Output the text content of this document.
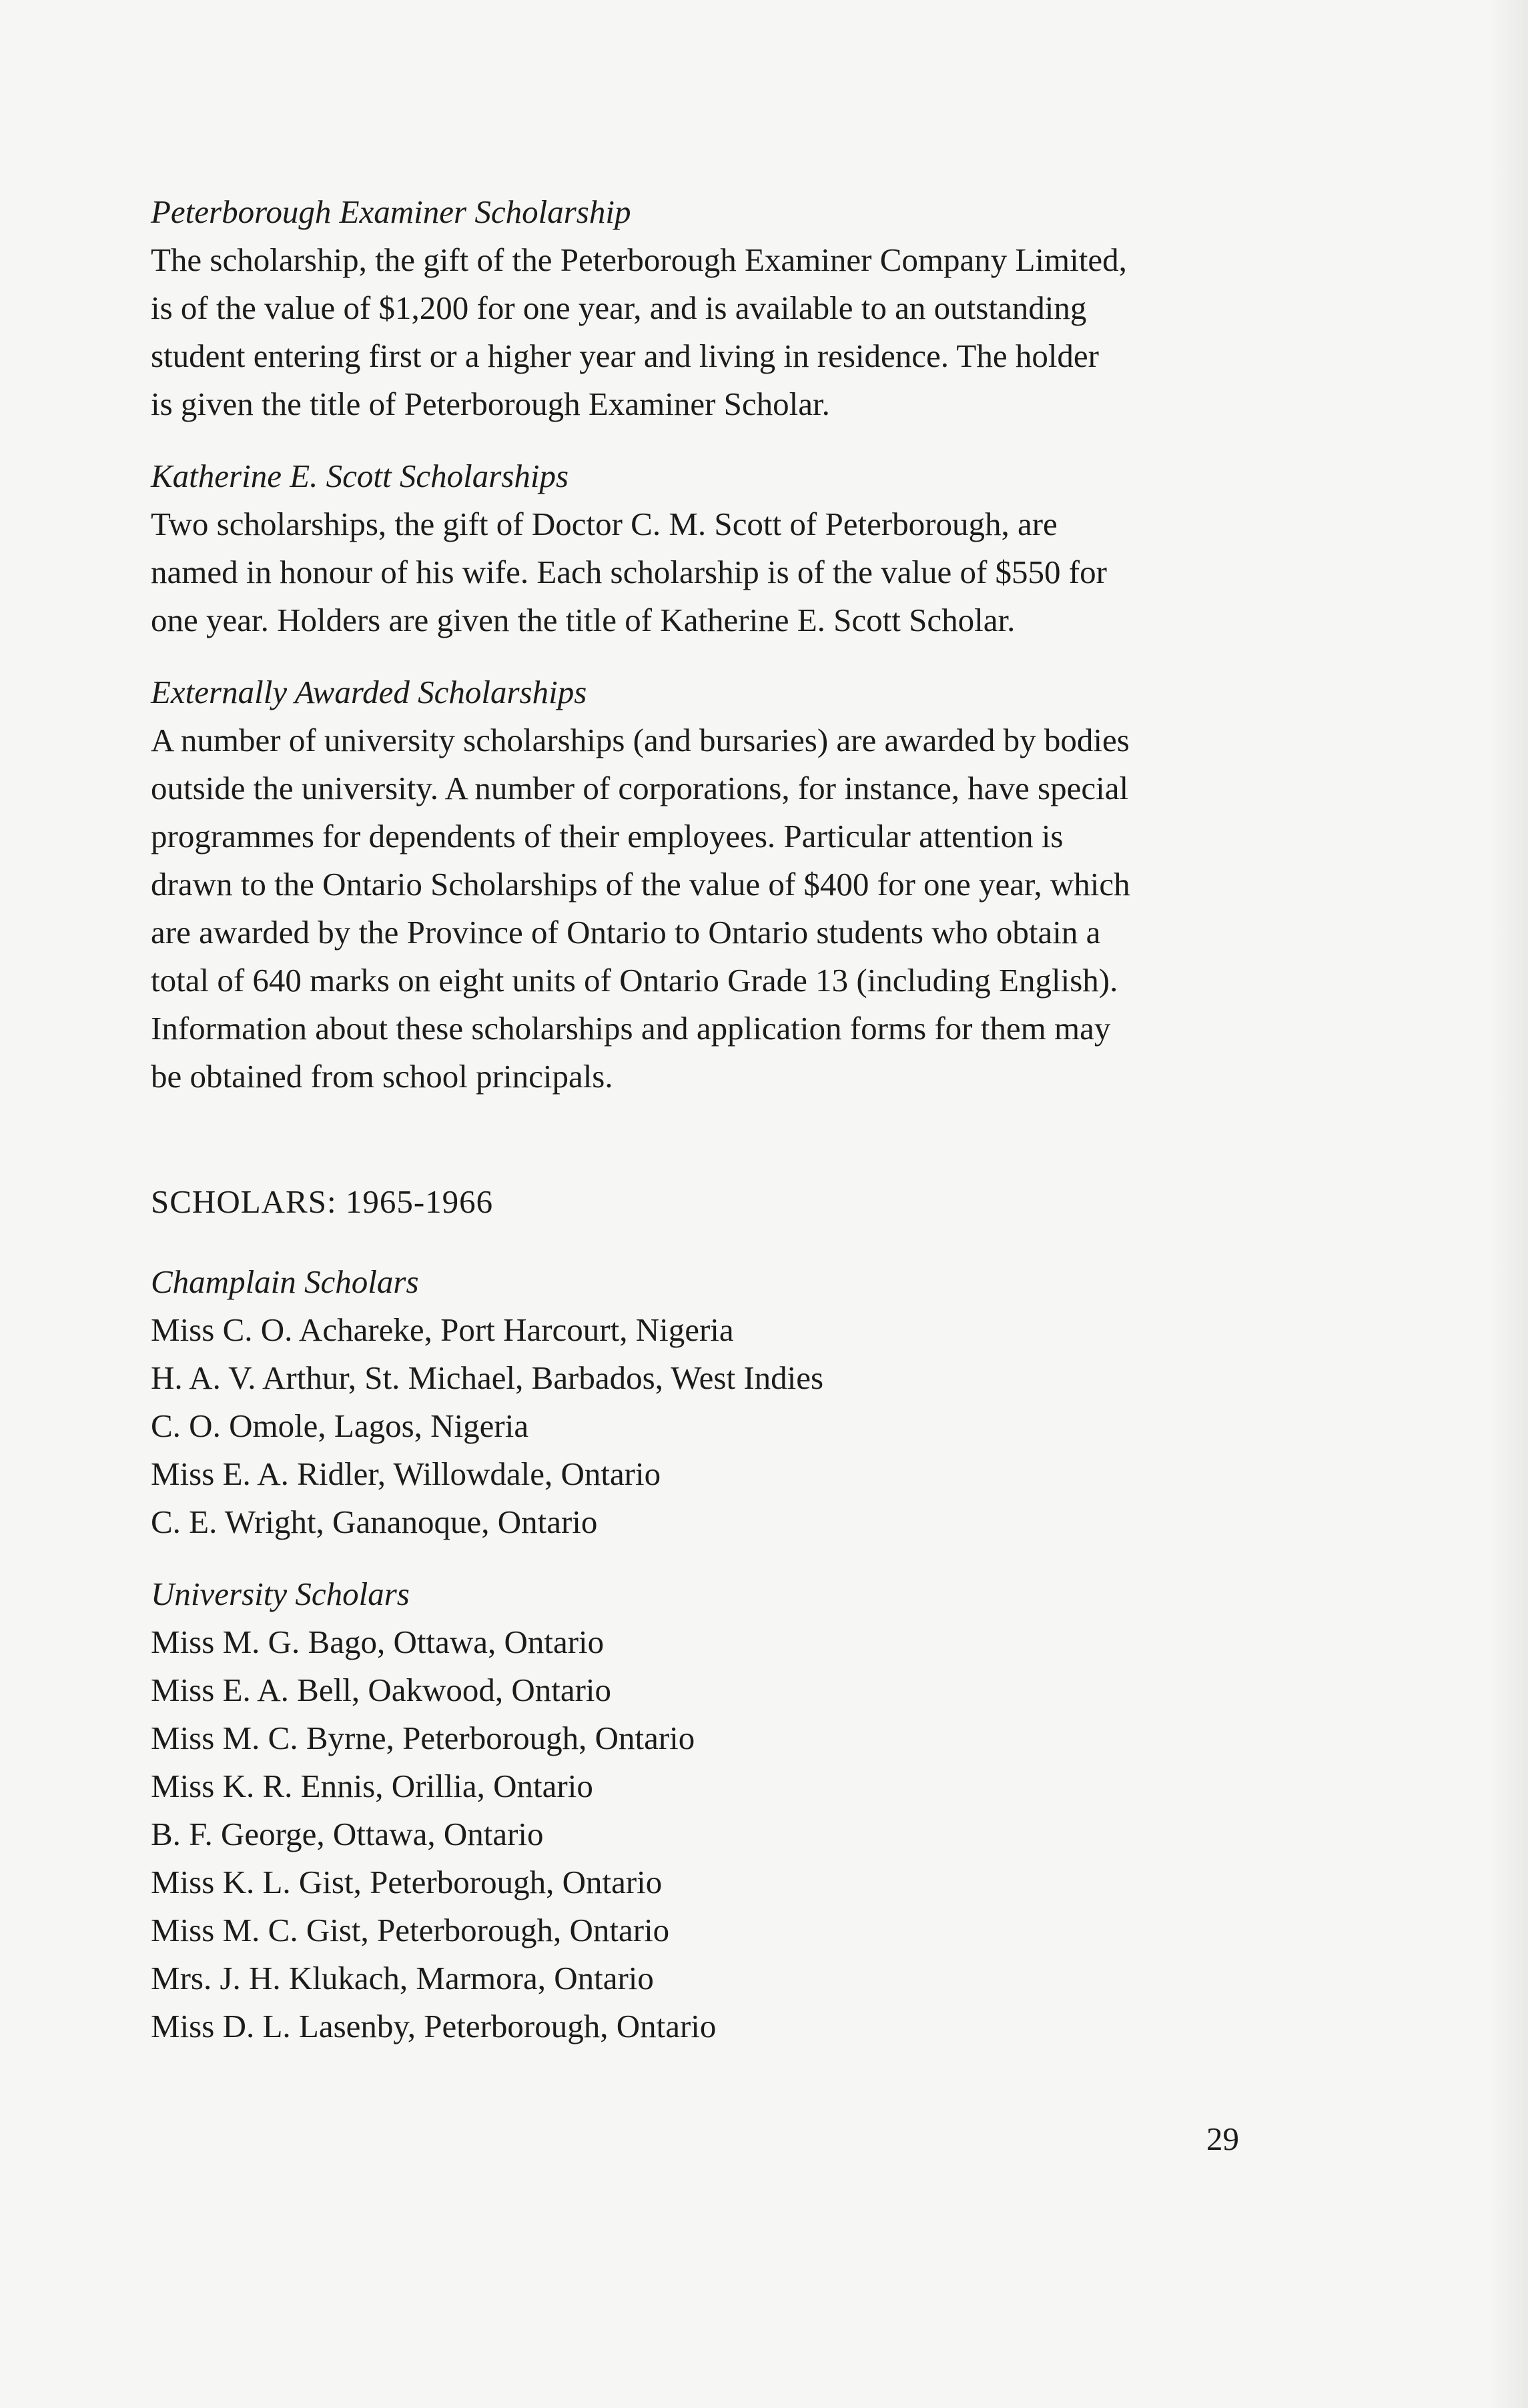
Peterborough Examiner Scholarship

The scholarship, the gift of the Peterborough Examiner Company Limited,

is of the value of $1,200 for one year, and is available to an outstanding

student entering first or a higher year and living in residence. The holder

is given the title of Peterborough Examiner Scholar.

Katherine E. Scott Scholarships

Two scholarships, the gift of Doctor C. M. Scott of Peterborough, are

named in honour of his wife. Each scholarship is of the value of $550 for

one year. Holders are given the title of Katherine E. Scott Scholar.

Externally Awarded Scholarships

A number of university scholarships (and bursaries) are awarded by bodies

outside the university. A number of corporations, for instance, have special

programmes for dependents of their employees. Particular attention is

drawn to the Ontario Scholarships of the value of $400 for one year, which

are awarded by the Province of Ontario to Ontario students who obtain a

total of 640 marks on eight units of Ontario Grade 13 (including English).

Information about these scholarships and application forms for them may

be obtained from school principals.

SCHOLARS: 1965-1966

Champlain Scholars

Miss C. O. Achareke, Port Harcourt, Nigeria

H. A. V. Arthur, St. Michael, Barbados, West Indies

C. O. Omole, Lagos, Nigeria

Miss E. A. Ridler, Willowdale, Ontario

C. E. Wright, Gananoque, Ontario

University Scholars

Miss M. G. Bago, Ottawa, Ontario

Miss E. A. Bell, Oakwood, Ontario

Miss M. C. Byrne, Peterborough, Ontario

Miss K. R. Ennis, Orillia, Ontario

B. F. George, Ottawa, Ontario

Miss K. L. Gist, Peterborough, Ontario

Miss M. C. Gist, Peterborough, Ontario

Mrs. J. H. Klukach, Marmora, Ontario

Miss D. L. Lasenby, Peterborough, Ontario

29
